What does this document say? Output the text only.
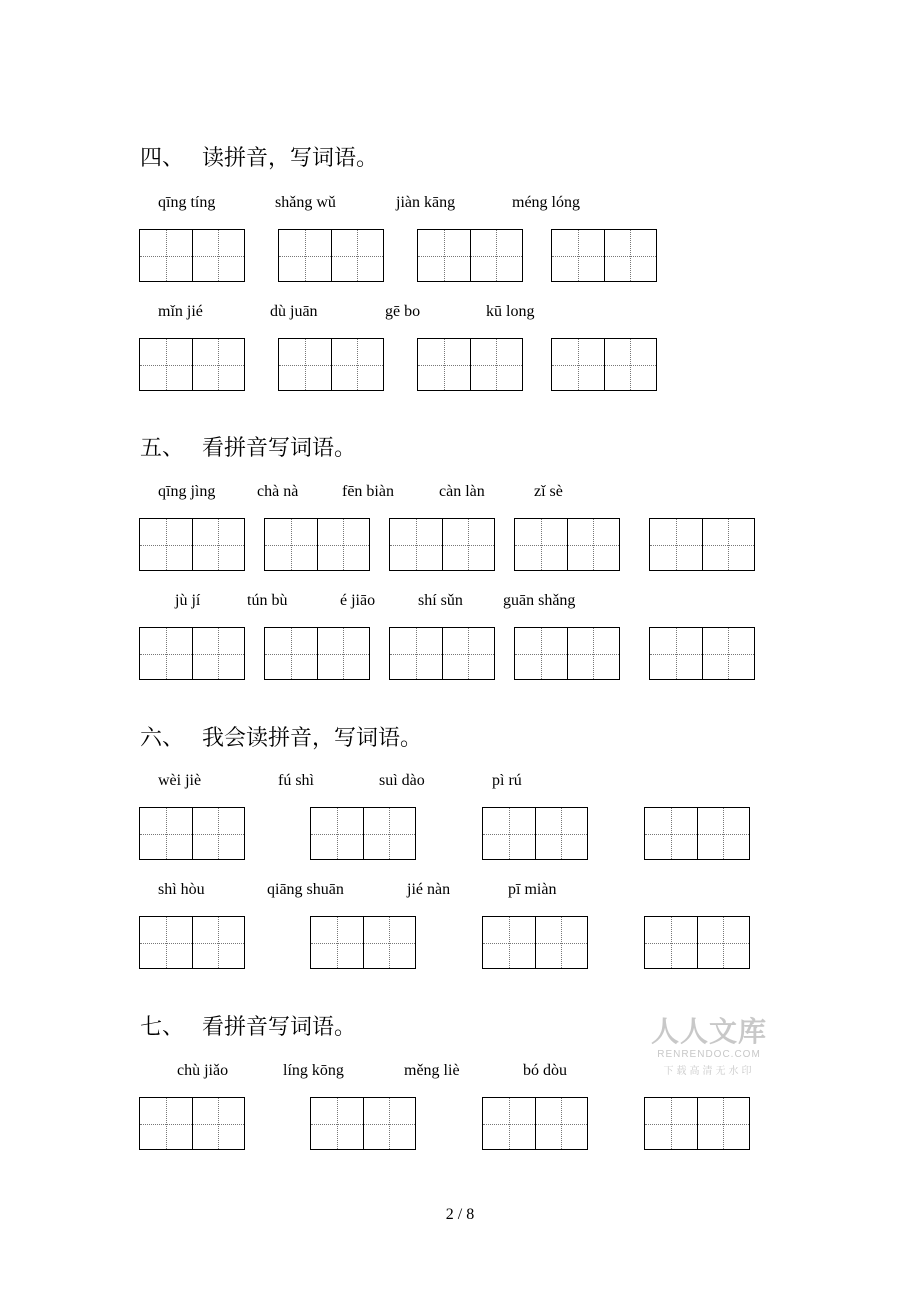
四、 读拼音，写词语。
qīng tíng	shǎng wǔ	jiàn kāng	méng lóng
mǐn jié	dù juān	gē bo	kū long
五、 看拼音写词语。
qīng jìng	chà nà	fēn biàn	càn làn	zǐ sè
jù jí	tún bù	é jiāo	shí sǔn	guān shǎng
六、 我会读拼音，写词语。
wèi jiè	fú shì	suì dào	pì rú
shì hòu	qiāng shuān	jié nàn	pī miàn
七、 看拼音写词语。
chù jiǎo	líng kōng	měng liè	bó dòu
人人文库
RENRENDOC.COM
下载高清无水印
2 / 8
